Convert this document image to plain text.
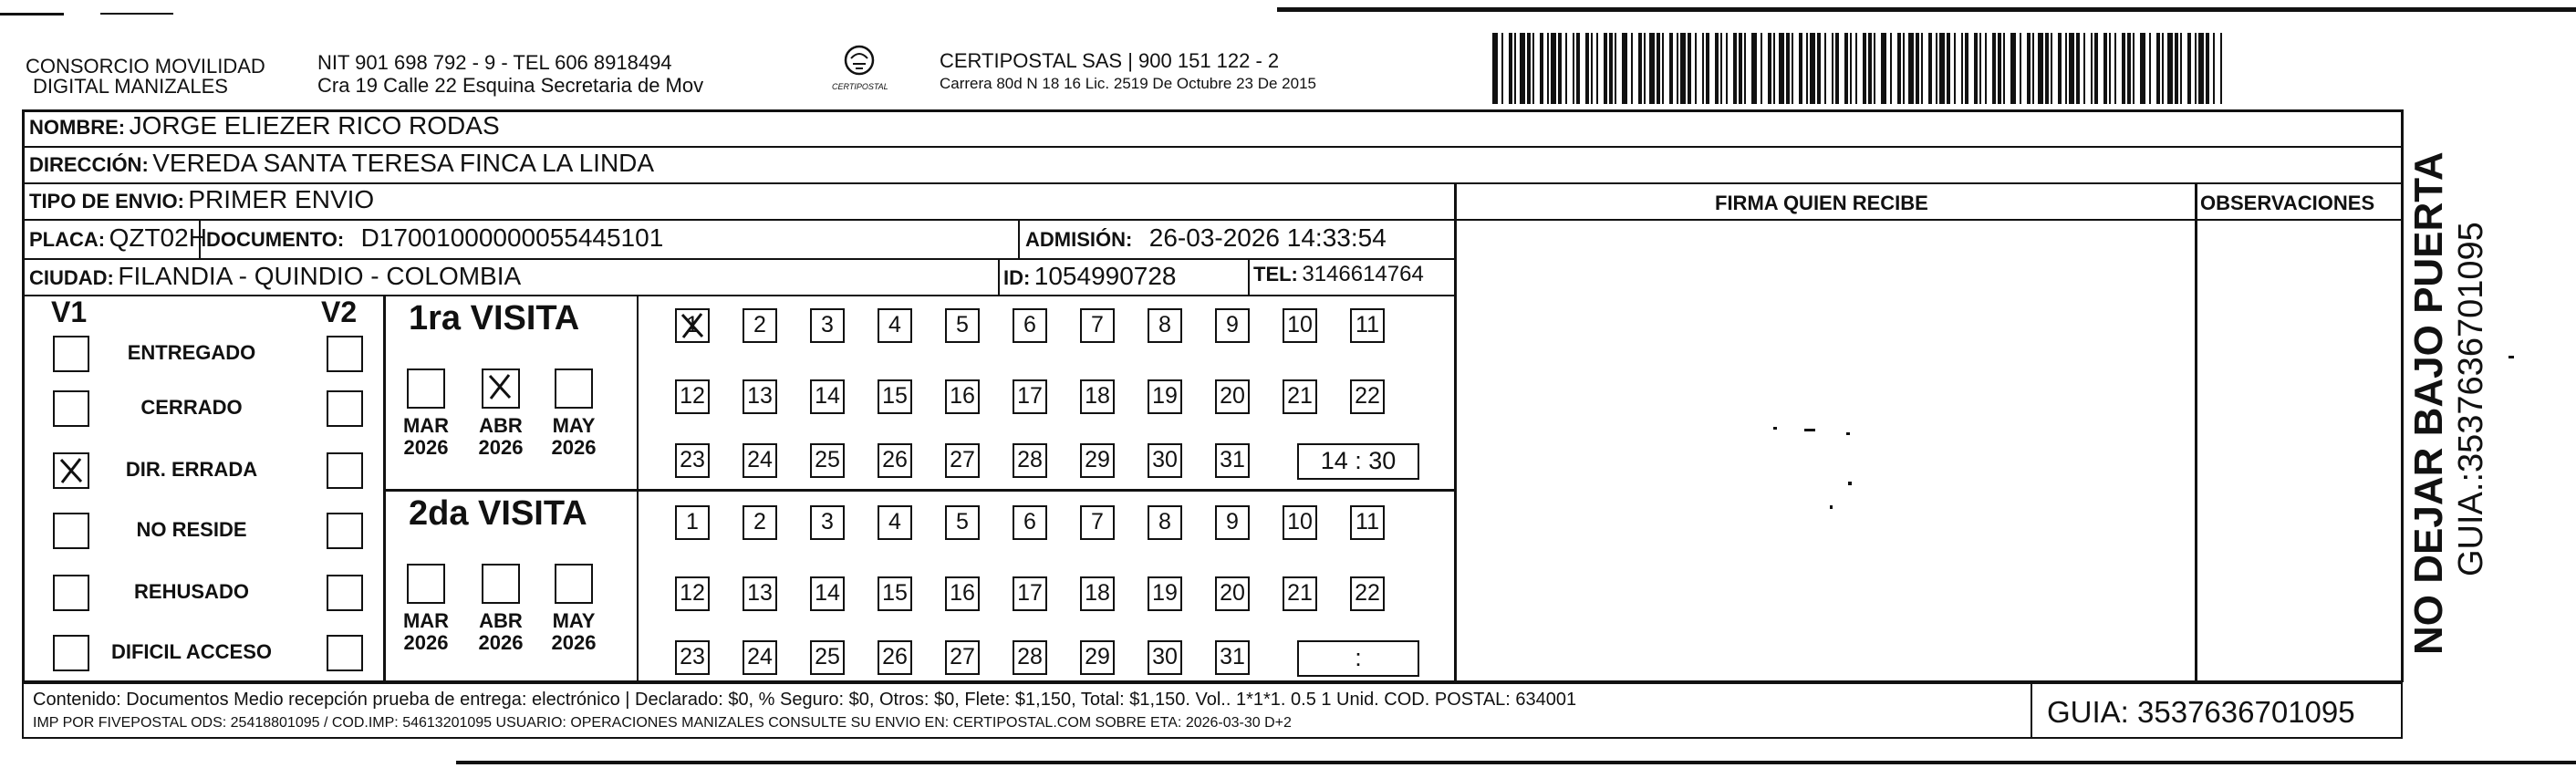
CONSORCIO MOVILIDAD
DIGITAL MANIZALES
NIT 901 698 792 - 9 - TEL 606 8918494
Cra 19 Calle 22 Esquina Secretaria de Mov	CERTIPOSTAL
CERTIPOSTAL SAS | 900 151 122 - 2
Carrera 80d N 18 16 Lic. 2519 De Octubre 23 De 2015
NOMBRE: JORGE ELIEZER RICO RODAS
DIRECCIÓN: VEREDA SANTA TERESA FINCA LA LINDA
TIPO DE ENVIO: PRIMER ENVIO	FIRMA QUIEN RECIBE	OBSERVACIONES
PLACA: QZT02H DOCUMENTO: D17001000000055445101	ADMISIÓN: 26-03-2026 14:33:54
CIUDAD: FILANDIA - QUINDIO - COLOMBIA	ID: 1054990728	TEL: 3146614764
V1	V2
ENTREGADO
CERRADO
DIR. ERRADA
NO RESIDE
REHUSADO
DIFICIL ACCESO
1ra VISITA
MAR
2026
ABR
2026
MAY
2026
1	2	3	4	5	6	7	8	9	10 11
12 13 14 15 16 17 18 19 20 21 22
23 24 25 26 27 28 29 30 31	14 : 30
2da VISITA
MAR
2026
ABR
2026
MAY
2026
1	2	3	4	5	6	7	8	9	10 11
12 13 14 15 16 17 18 19 20 21 22
23 24 25 26 27 28 29 30 31	:
Contenido: Documentos Medio recepción prueba de entrega: electrónico | Declarado: $0, % Seguro: $0, Otros: $0, Flete: $1,150, Total: $1,150. Vol.. 1*1*1. 0.5 1 Unid. COD. POSTAL: 634001
IMP POR FIVEPOSTAL ODS: 25418801095 / COD.IMP: 54613201095 USUARIO: OPERACIONES MANIZALES CONSULTE SU ENVIO EN: CERTIPOSTAL.COM SOBRE ETA: 2026-03-30 D+2	GUIA: 3537636701095
NO DEJAR BAJO PUERTA GUIA.:3537636701095
